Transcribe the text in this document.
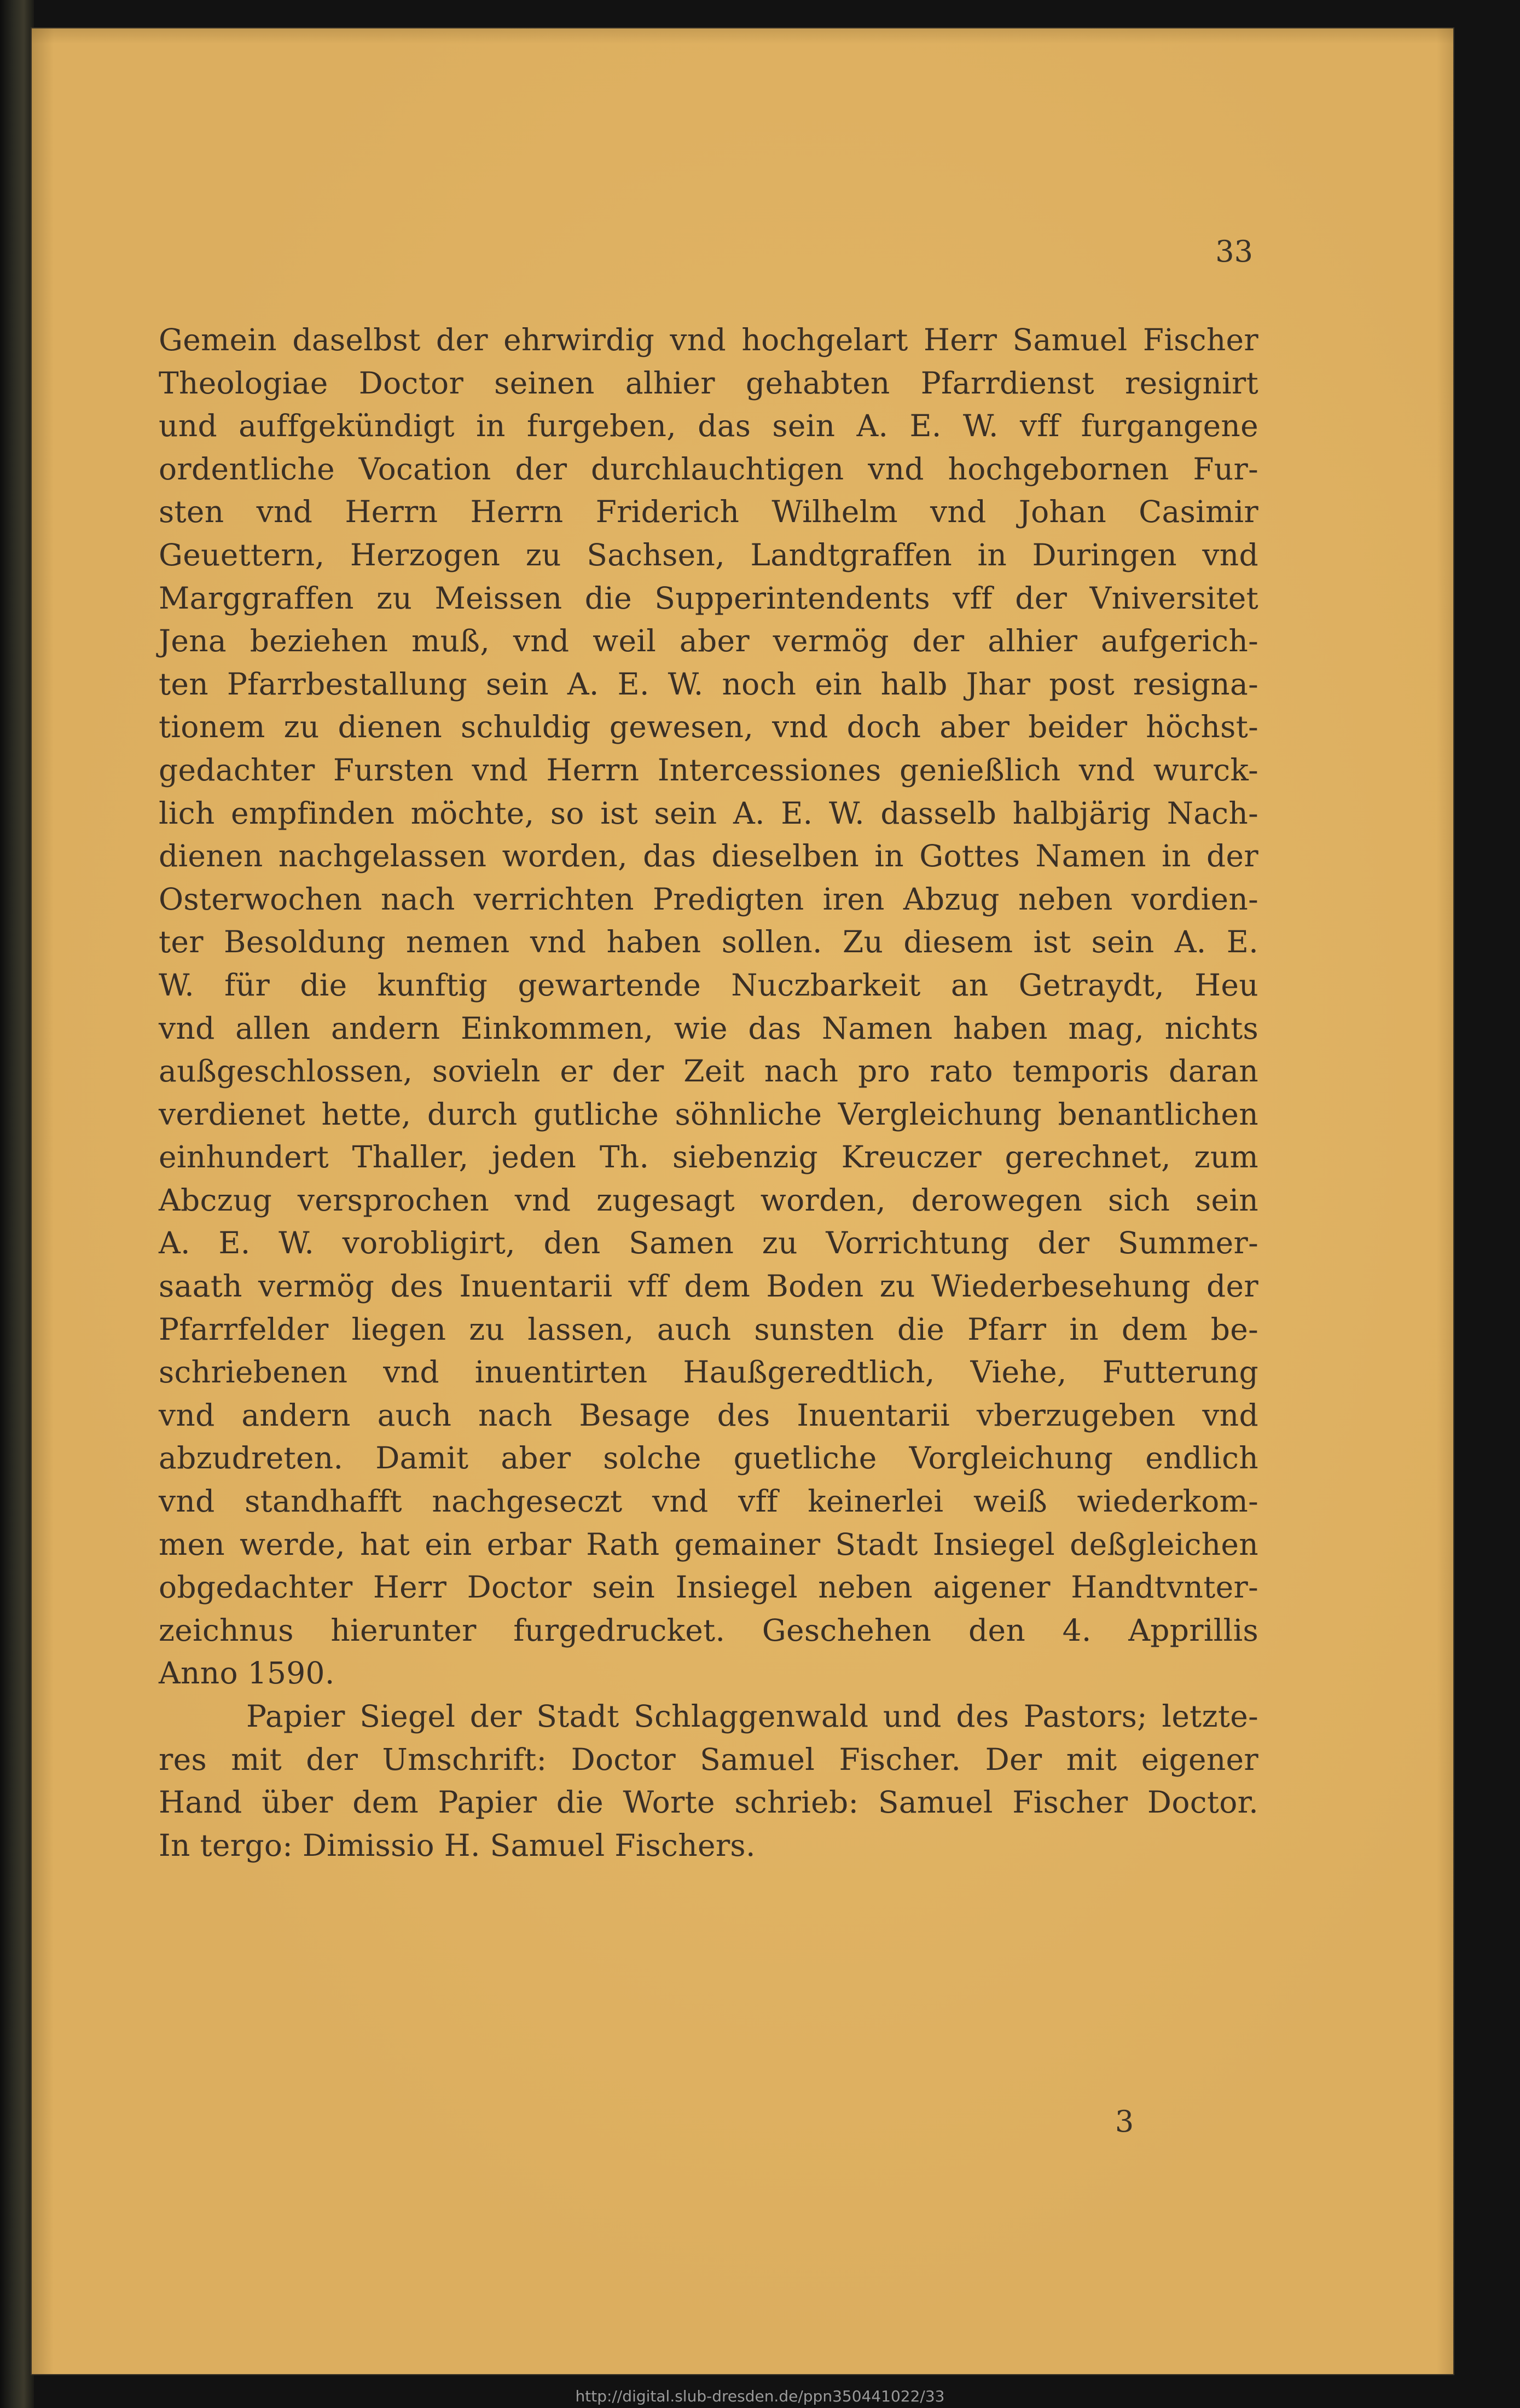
33
Gemein daselbst der ehrwirdig vnd hochgelart Herr Samuel Fischer
Theologiae Doctor seinen alhier gehabten Pfarrdienst resignirt
und auffgekündigt in furgeben, das sein A. E. W. vff furgangene
ordentliche Vocation der durchlauchtigen vnd hochgebornen Fur-
sten vnd Herrn Herrn Friderich Wilhelm vnd Johan Casimir
Geuettern, Herzogen zu Sachsen, Landtgraffen in Duringen vnd
Marggraffen zu Meissen die Supperintendents vff der Vniversitet
Jena beziehen muß, vnd weil aber vermög der alhier aufgerich-
ten Pfarrbestallung sein A. E. W. noch ein halb Jhar post resigna-
tionem zu dienen schuldig gewesen, vnd doch aber beider höchst-
gedachter Fursten vnd Herrn Intercessiones genießlich vnd wurck-
lich empfinden möchte, so ist sein A. E. W. dasselb halbjärig Nach-
dienen nachgelassen worden, das dieselben in Gottes Namen in der
Osterwochen nach verrichten Predigten iren Abzug neben vordien-
ter Besoldung nemen vnd haben sollen. Zu diesem ist sein A. E.
W. für die kunftig gewartende Nuczbarkeit an Getraydt, Heu
vnd allen andern Einkommen, wie das Namen haben mag, nichts
außgeschlossen, sovieln er der Zeit nach pro rato temporis daran
verdienet hette, durch gutliche söhnliche Vergleichung benantlichen
einhundert Thaller, jeden Th. siebenzig Kreuczer gerechnet, zum
Abczug versprochen vnd zugesagt worden, derowegen sich sein
A. E. W. vorobligirt, den Samen zu Vorrichtung der Summer-
saath vermög des Inuentarii vff dem Boden zu Wiederbesehung der
Pfarrfelder liegen zu lassen, auch sunsten die Pfarr in dem be-
schriebenen vnd inuentirten Haußgeredtlich, Viehe, Futterung
vnd andern auch nach Besage des Inuentarii vberzugeben vnd
abzudreten. Damit aber solche guetliche Vorgleichung endlich
vnd standhafft nachgeseczt vnd vff keinerlei weiß wiederkom-
men werde, hat ein erbar Rath gemainer Stadt Insiegel deßgleichen
obgedachter Herr Doctor sein Insiegel neben aigener Handtvnter-
zeichnus hierunter furgedrucket. Geschehen den 4. Apprillis
Anno 1590.
Papier Siegel der Stadt Schlaggenwald und des Pastors; letzte-
res mit der Umschrift: Doctor Samuel Fischer. Der mit eigener
Hand über dem Papier die Worte schrieb: Samuel Fischer Doctor.
In tergo: Dimissio H. Samuel Fischers.
3
http://digital.slub-dresden.de/ppn350441022/33
